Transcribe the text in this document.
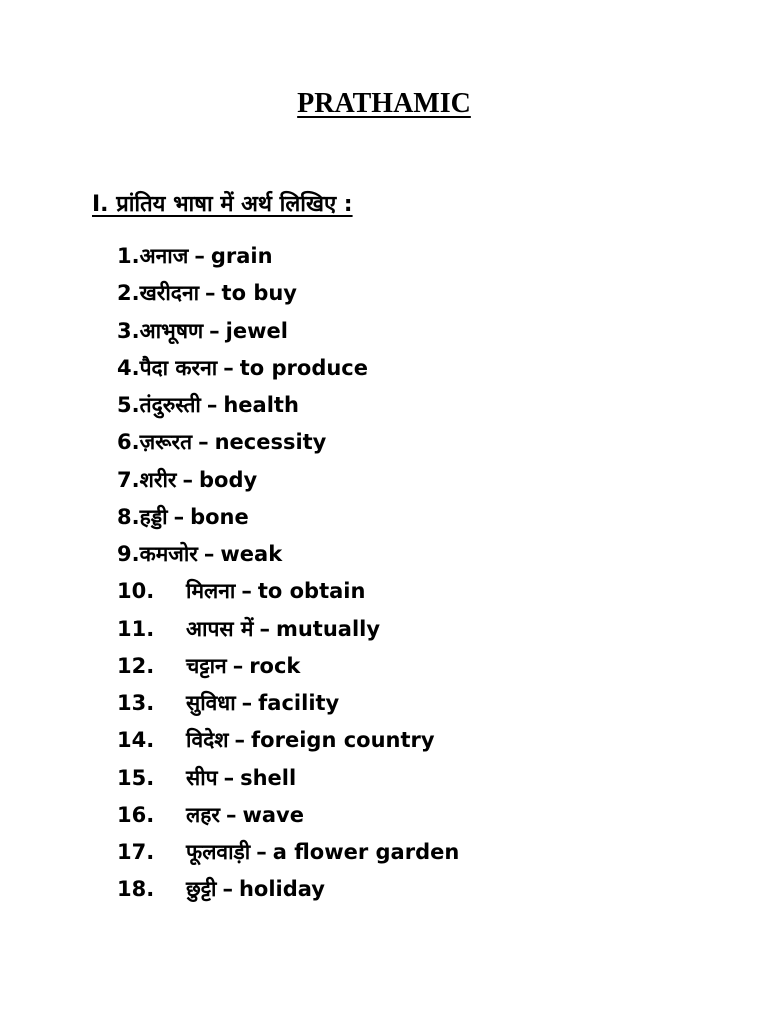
PRATHAMIC
I. प्रांतिय भाषा में अर्थ लिखिए :
1. अनाज – grain
2. खरीदना – to buy
3. आभूषण – jewel
4. पैदा करना – to produce
5. तंदुरुस्ती – health
6. ज़रूरत – necessity
7. शरीर – body
8. हड्डी – bone
9. कमजोर – weak
10.	मिलना – to obtain
11.	आपस में – mutually
12.	चट्टान – rock
13.	सुविधा – facility
14.	विदेश – foreign country
15.	सीप – shell
16.	लहर – wave
17.	फूलवाड़ी – a flower garden
18.	छुट्टी – holiday
